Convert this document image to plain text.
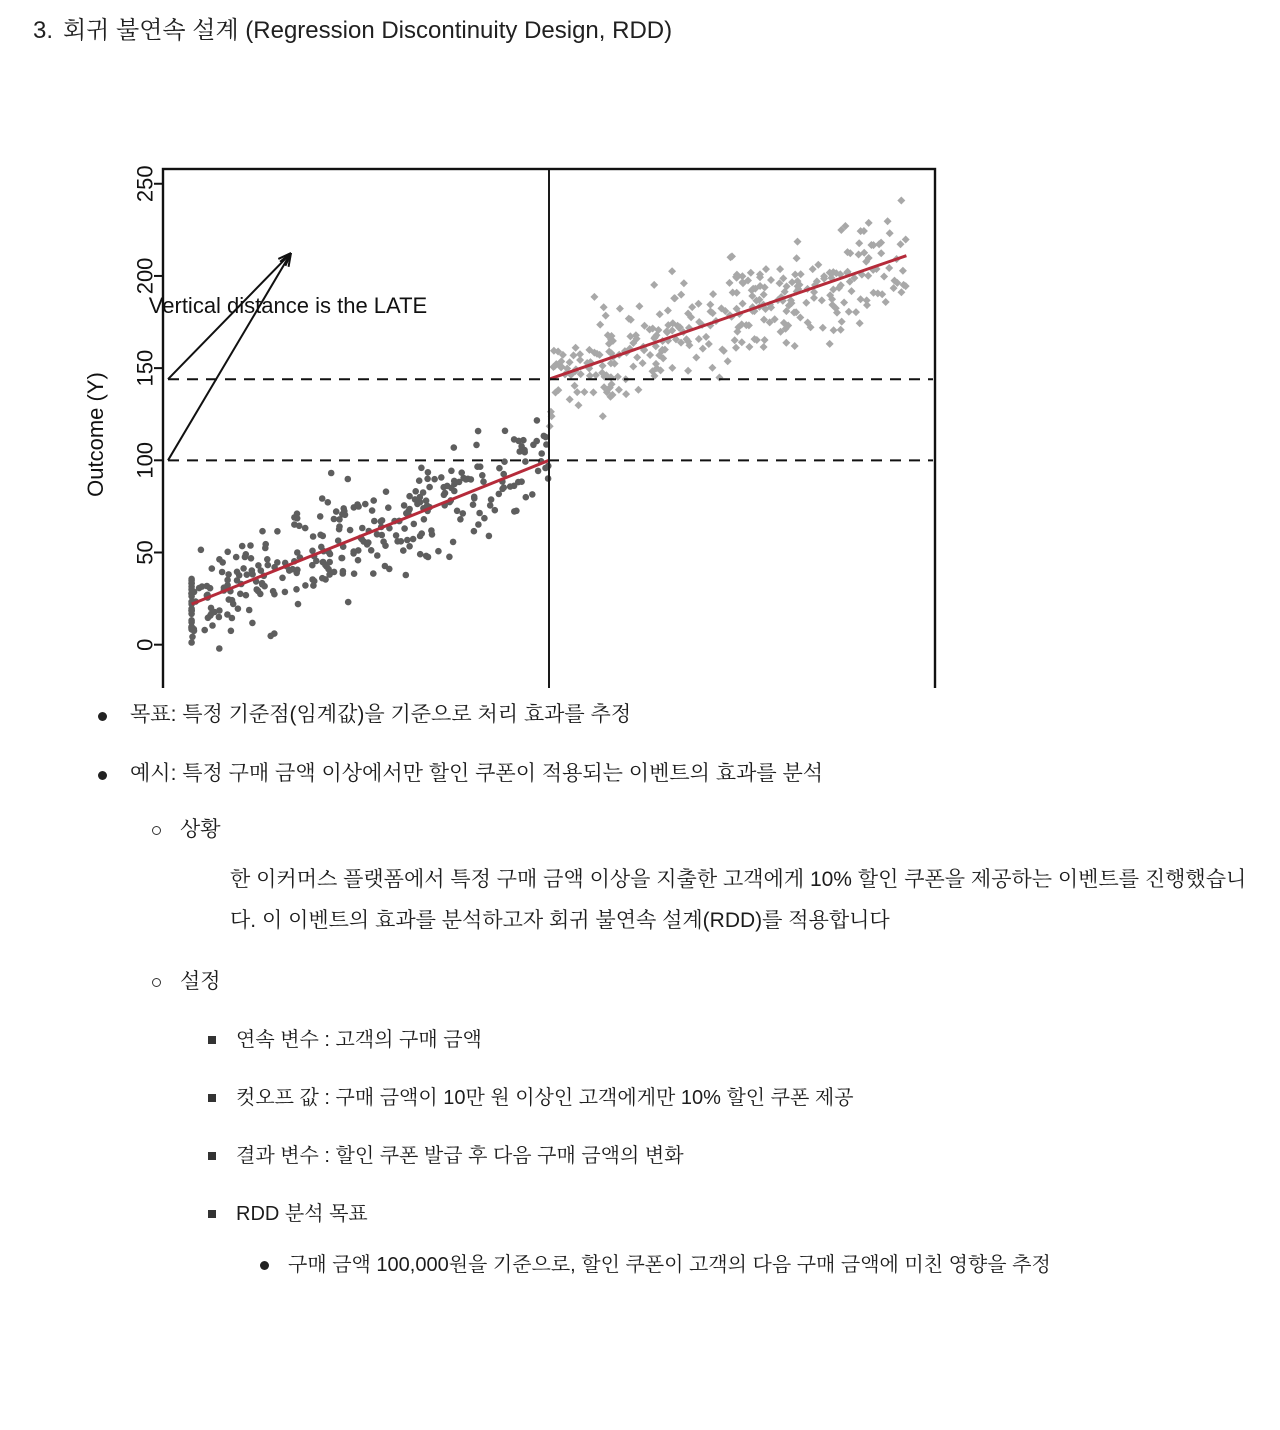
3. 회귀 불연속 설계 (Regression Discontinuity Design, RDD)
0
50
100
150
200
250
Outcome (Y)
Vertical distance is the LATE
목표: 특정 기준점(임계값)을 기준으로 처리 효과를 추정
예시: 특정 구매 금액 이상에서만 할인 쿠폰이 적용되는 이벤트의 효과를 분석
상황
한 이커머스 플랫폼에서 특정 구매 금액 이상을 지출한 고객에게 10% 할인 쿠폰을 제공하는 이벤트를 진행했습니다. 이 이벤트의 효과를 분석하고자 회귀 불연속 설계(RDD)를 적용합니다
설정
연속 변수 : 고객의 구매 금액
컷오프 값 : 구매 금액이 10만 원 이상인 고객에게만 10% 할인 쿠폰 제공
결과 변수 : 할인 쿠폰 발급 후 다음 구매 금액의 변화
RDD 분석 목표
구매 금액 100,000원을 기준으로, 할인 쿠폰이 고객의 다음 구매 금액에 미친 영향을 추정
